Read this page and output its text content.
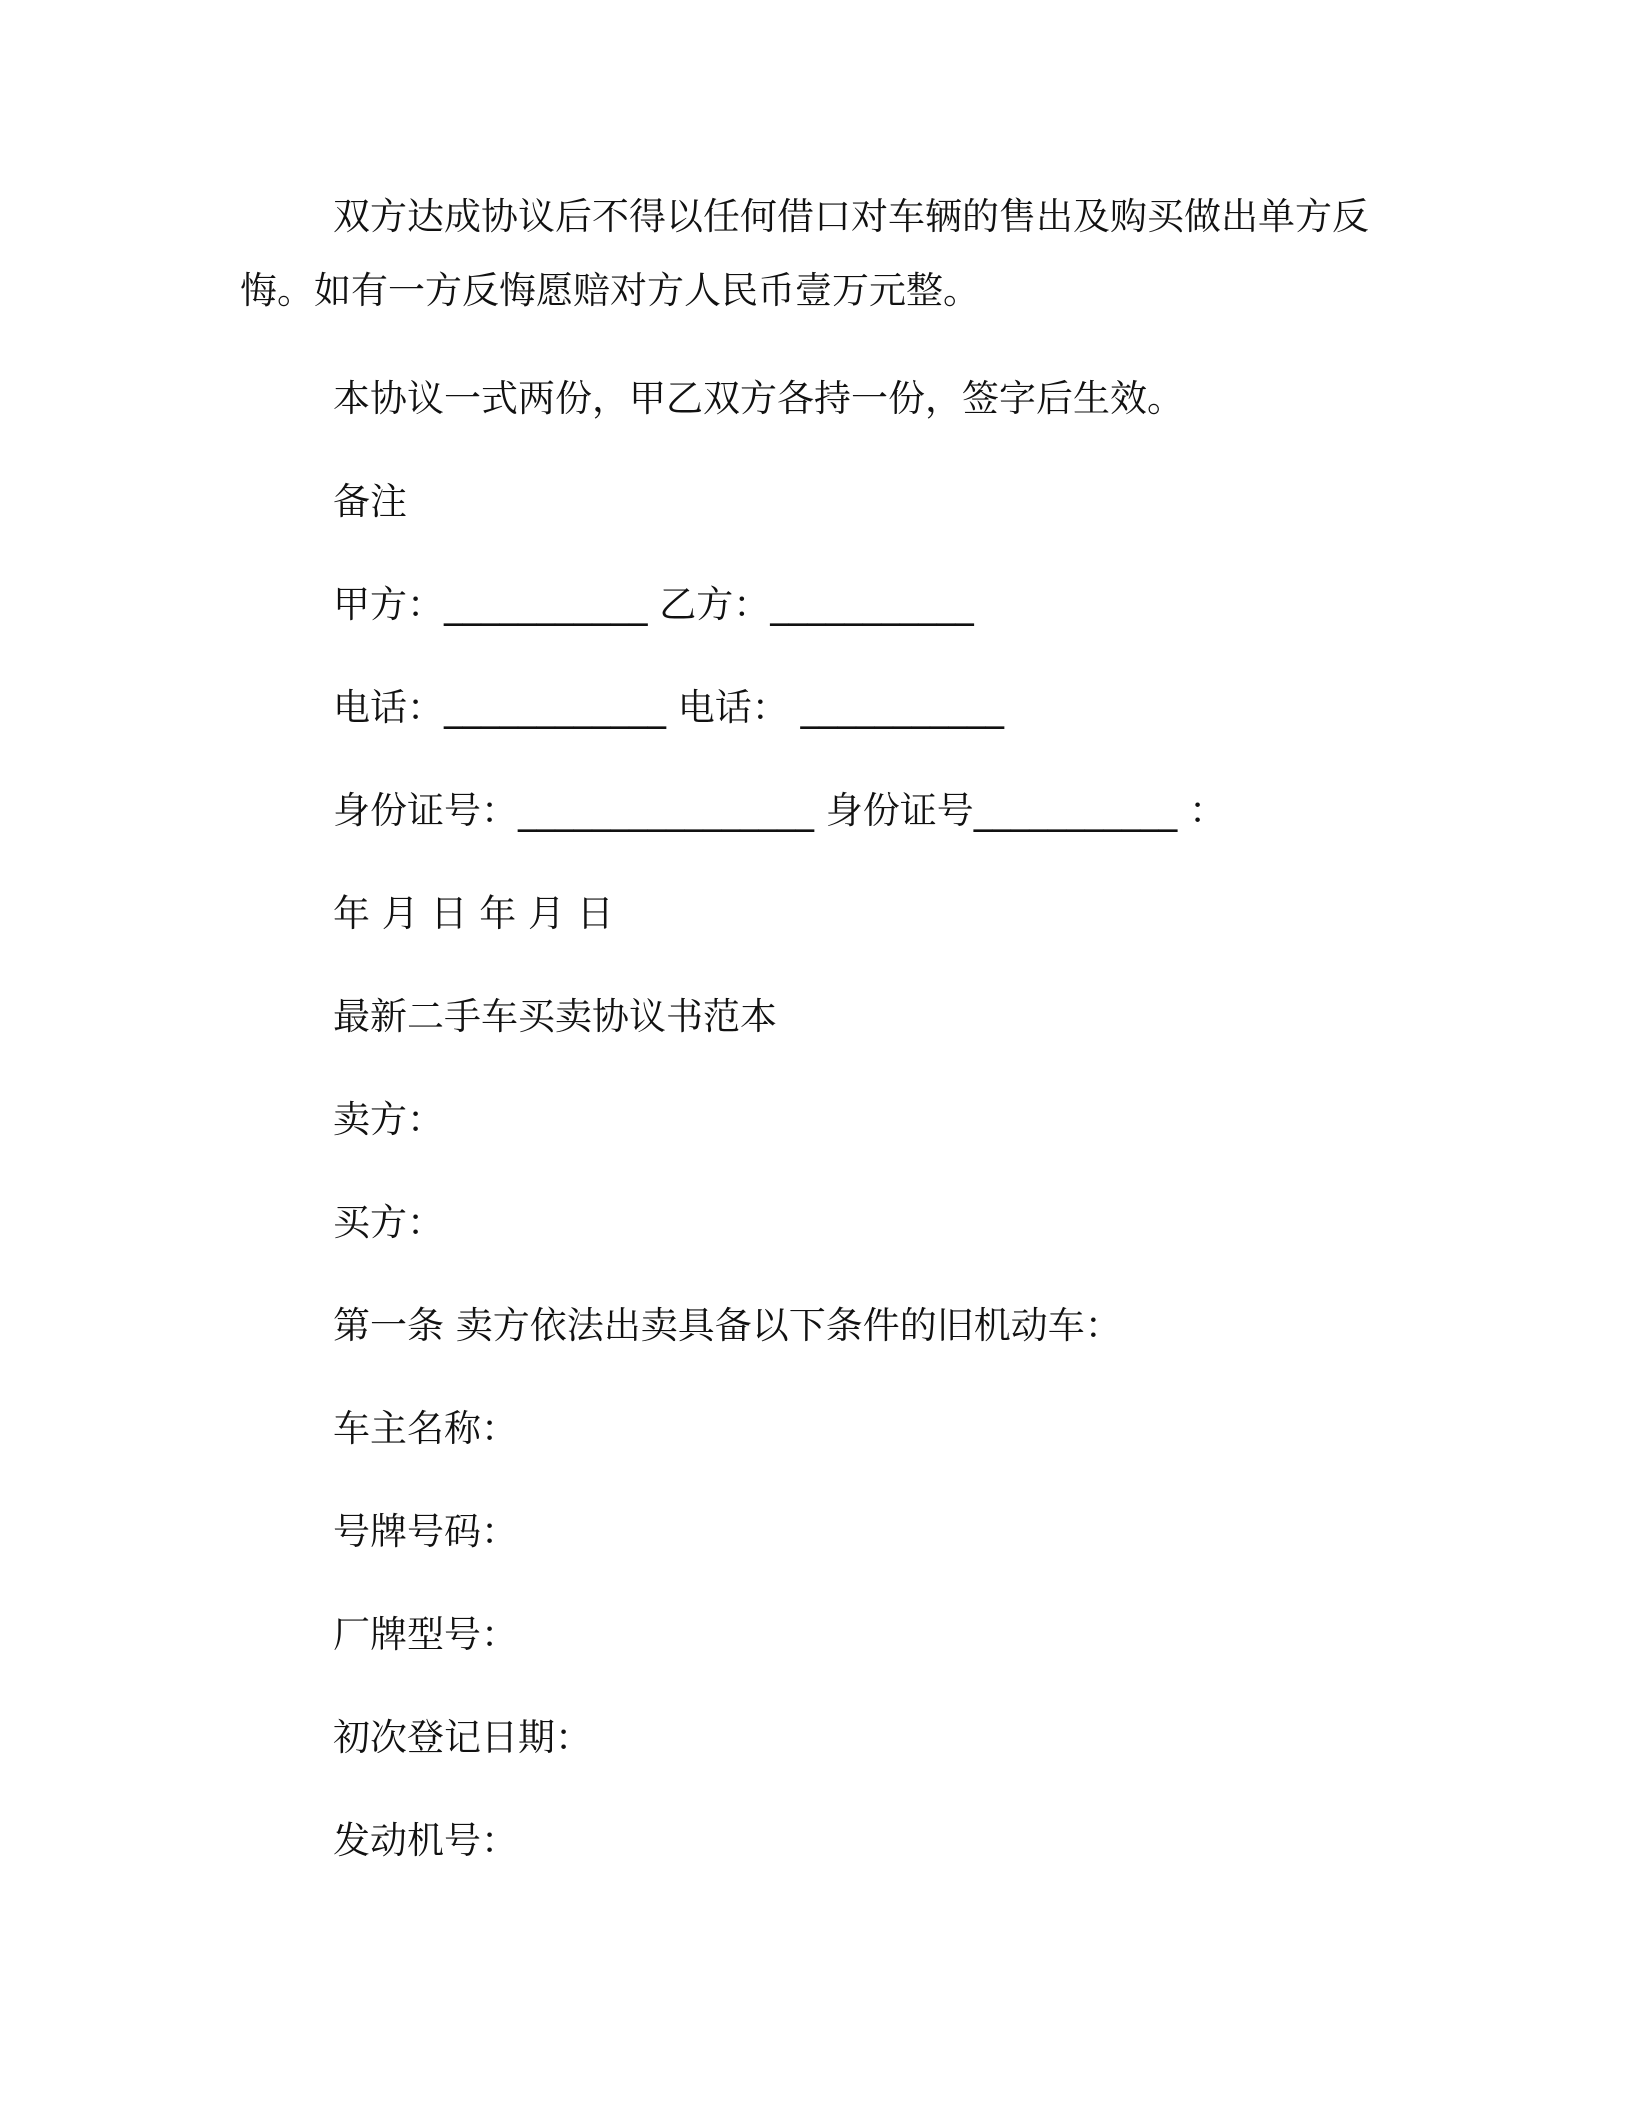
双方达成协议后不得以任何借口对车辆的售出及购买做出单方反悔。如有一方反悔愿赔对方人民币壹万元整。
本协议一式两份，甲乙双方各持一份，签字后生效。
备注
甲方：___________ 乙方：___________
电话：____________ 电话： ___________
身份证号：________________ 身份证号___________ ：
年 月 日 年 月 日
最新二手车买卖协议书范本
卖方：
买方：
第一条 卖方依法出卖具备以下条件的旧机动车：
车主名称：
号牌号码：
厂牌型号：
初次登记日期：
发动机号：
